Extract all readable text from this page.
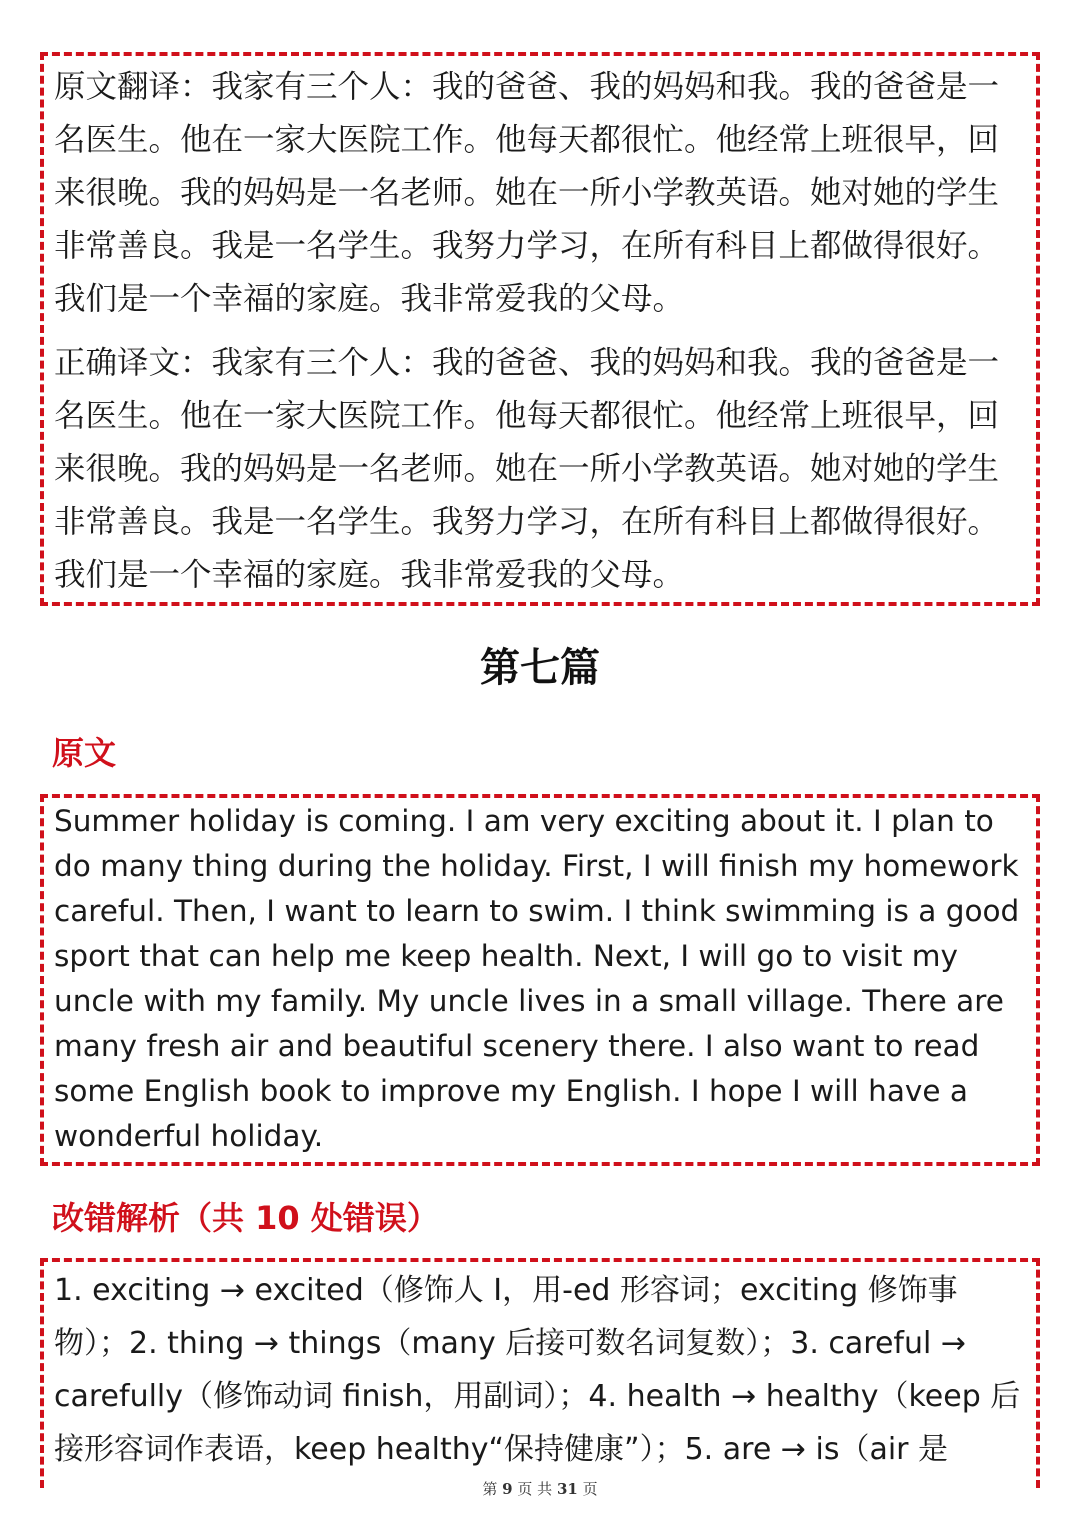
原文翻译：我家有三个人：我的爸爸、我的妈妈和我。我的爸爸是一名医生。他在一家大医院工作。他每天都很忙。他经常上班很早，回来很晚。我的妈妈是一名老师。她在一所小学教英语。她对她的学生非常善良。我是一名学生。我努力学习，在所有科目上都做得很好。我们是一个幸福的家庭。我非常爱我的父母。

正确译文：我家有三个人：我的爸爸、我的妈妈和我。我的爸爸是一名医生。他在一家大医院工作。他每天都很忙。他经常上班很早，回来很晚。我的妈妈是一名老师。她在一所小学教英语。她对她的学生非常善良。我是一名学生。我努力学习，在所有科目上都做得很好。我们是一个幸福的家庭。我非常爱我的父母。

第七篇
原文

Summer holiday is coming. I am very exciting about it. I plan to do many thing during the holiday. First, I will finish my homework careful. Then, I want to learn to swim. I think swimming is a good sport that can help me keep health. Next, I will go to visit my uncle with my family. My uncle lives in a small village. There are many fresh air and beautiful scenery there. I also want to read some English book to improve my English. I hope I will have a wonderful holiday.

改错解析（共 10 处错误）

1. exciting → excited（修饰人 I，用-ed 形容词；exciting 修饰事物）；2. thing → things（many 后接可数名词复数）；3. careful → carefully（修饰动词 finish，用副词）；4. health → healthy（keep 后接形容词作表语，keep healthy“保持健康”）；5. are → is（air 是

第 9 页 共 31 页
